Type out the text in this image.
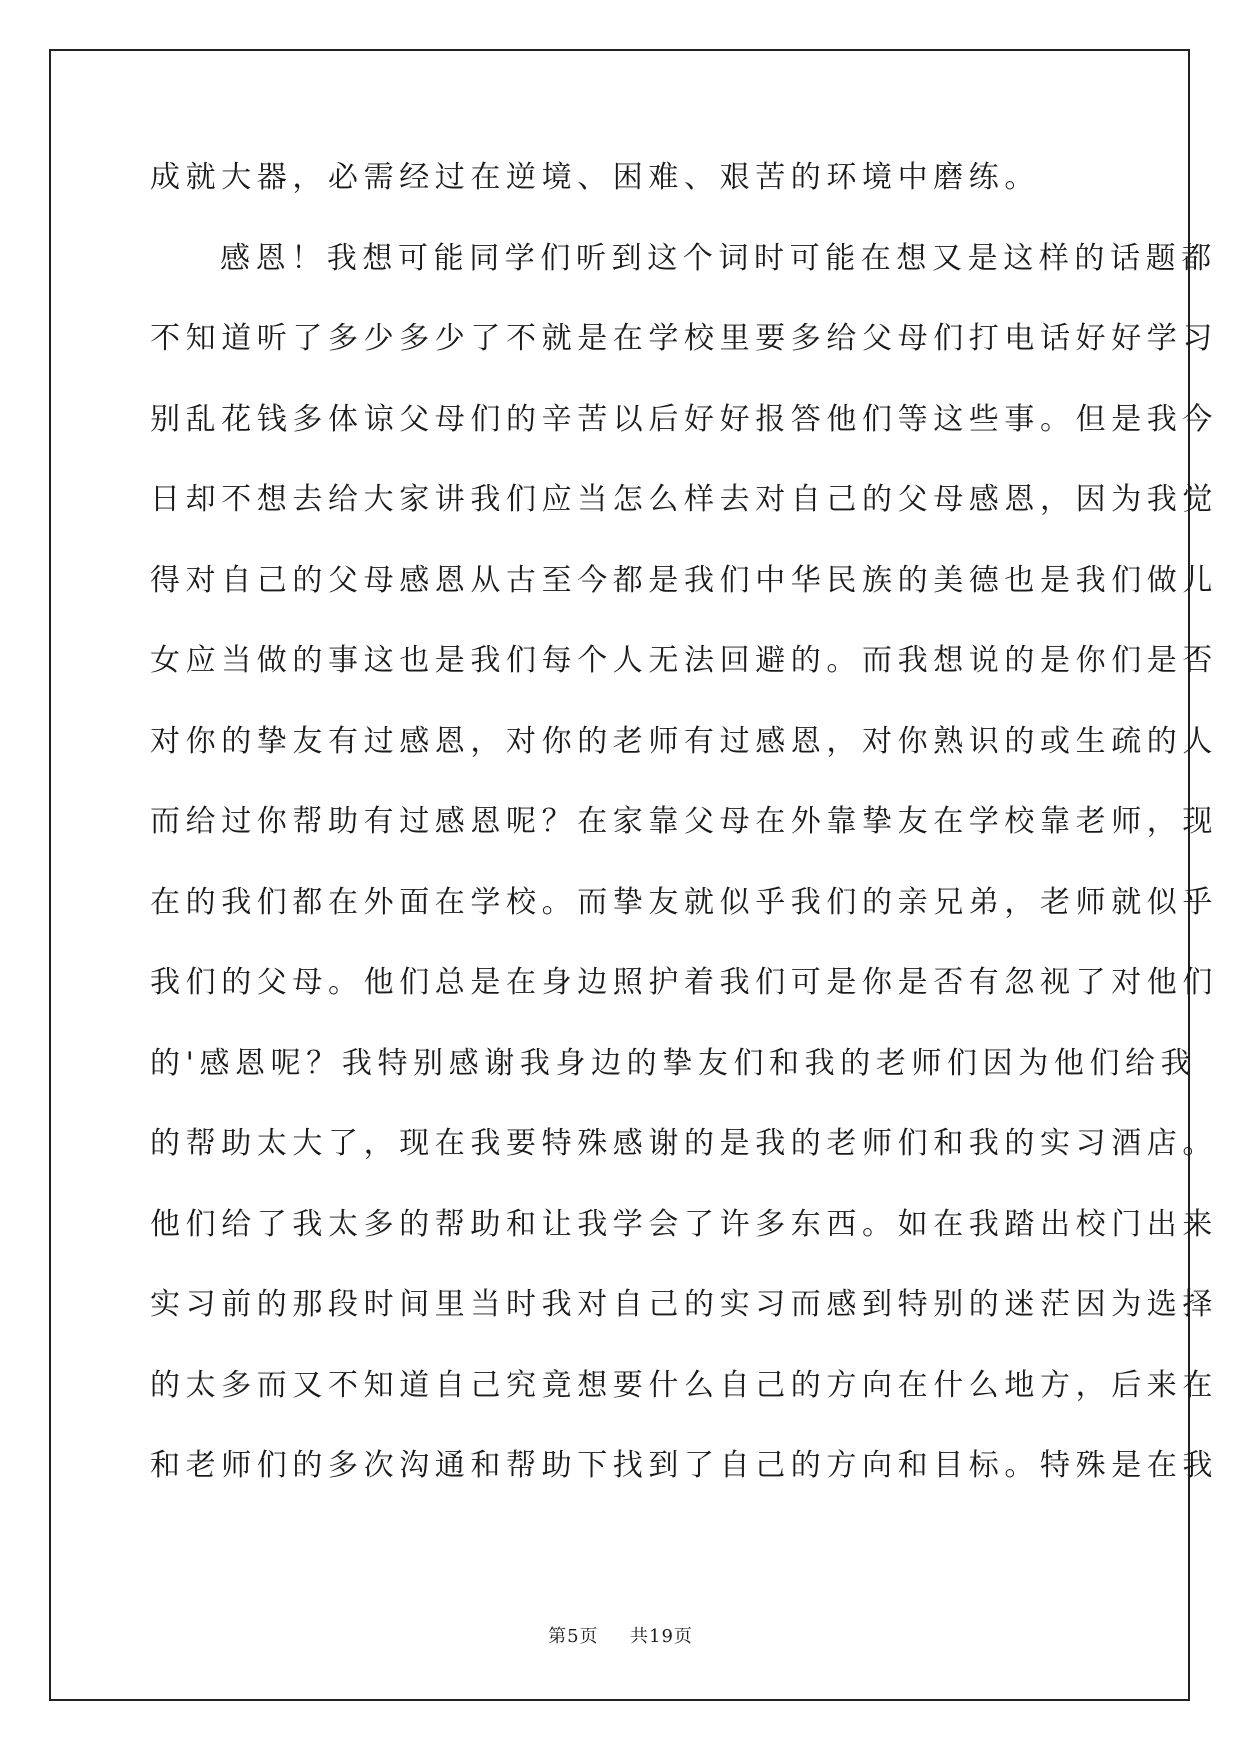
成就大器，必需经过在逆境、困难、艰苦的环境中磨练。
感恩！我想可能同学们听到这个词时可能在想又是这样的话题都
不知道听了多少多少了不就是在学校里要多给父母们打电话好好学习
别乱花钱多体谅父母们的辛苦以后好好报答他们等这些事。但是我今
日却不想去给大家讲我们应当怎么样去对自己的父母感恩，因为我觉
得对自己的父母感恩从古至今都是我们中华民族的美德也是我们做儿
女应当做的事这也是我们每个人无法回避的。而我想说的是你们是否
对你的挚友有过感恩，对你的老师有过感恩，对你熟识的或生疏的人
而给过你帮助有过感恩呢？在家靠父母在外靠挚友在学校靠老师，现
在的我们都在外面在学校。而挚友就似乎我们的亲兄弟，老师就似乎
我们的父母。他们总是在身边照护着我们可是你是否有忽视了对他们
的'感恩呢？我特别感谢我身边的挚友们和我的老师们因为他们给我
的帮助太大了，现在我要特殊感谢的是我的老师们和我的实习酒店。
他们给了我太多的帮助和让我学会了许多东西。如在我踏出校门出来
实习前的那段时间里当时我对自己的实习而感到特别的迷茫因为选择
的太多而又不知道自己究竟想要什么自己的方向在什么地方，后来在
和老师们的多次沟通和帮助下找到了自己的方向和目标。特殊是在我
第5页 共19页
